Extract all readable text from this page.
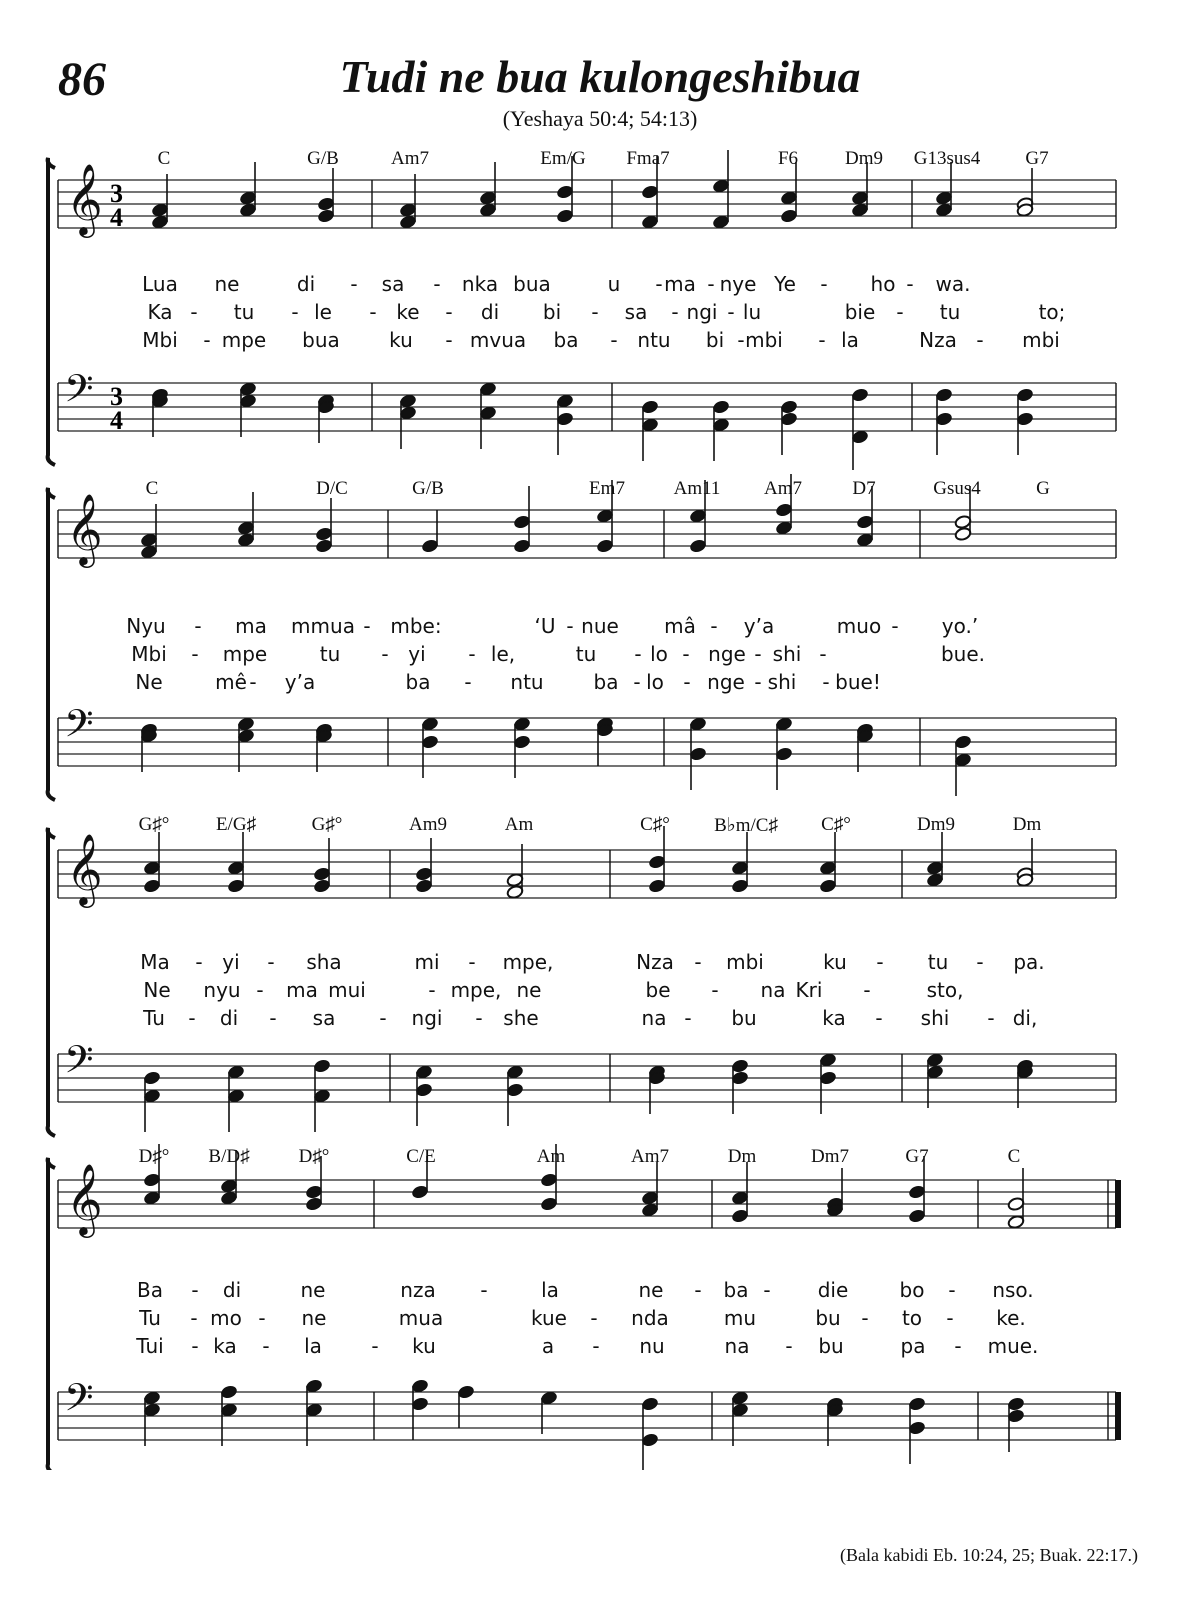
86	Tudi ne bua kulongeshibua
(Yeshaya 50:4; 54:13)
𝄞
𝄢
3
4
3
4
C	G/B	Am7	Em/G Fma7	F6 Dm9 G13sus4 G7
Lua ne	di - sa - nka bua	u - ma - nye Ye - ho - wa.
Ka - tu - le - ke - di bi - sa - ngi - lu	bie - tu	to;
Mbi - mpe bua ku - mvua ba - ntu bi - mbi - la	Nza - mbi
𝄞
𝄢
C	D/C	G/B	Em7	Am11 Am7	D7	Gsus4	G
Nyu - ma mmua - mbe:	‘U - nue mâ - y’a	muo - yo.’
Mbi - mpe	tu - yi - le,	tu - lo - nge - shi -	bue.
Ne	mê - y’a	ba - ntu ba - lo - nge - shi - bue!
𝄞
𝄢
G♯° E/G♯	G♯°	Am9	Am	C♯° B♭m/C♯ C♯°	Dm9	Dm
Ma - yi - sha	mi - mpe,	Nza - mbi	ku - tu - pa.
Ne nyu - ma mui	- mpe, ne	be - na Kri -	sto,
Tu - di - sa - ngi - she	na - bu	ka - shi - di,
𝄞
𝄢
D♯° B/D♯	D♯°	C/E	Am	Am7	Dm	Dm7	G7	C
Ba - di	ne	nza -	la	ne - ba - die	bo - nso.
Tu - mo - ne	mua	kue - nda	mu	bu - to - ke.
Tui - ka - la - ku	a - nu	na - bu	pa - mue.
(Bala kabidi Eb. 10:24, 25; Buak. 22:17.)
